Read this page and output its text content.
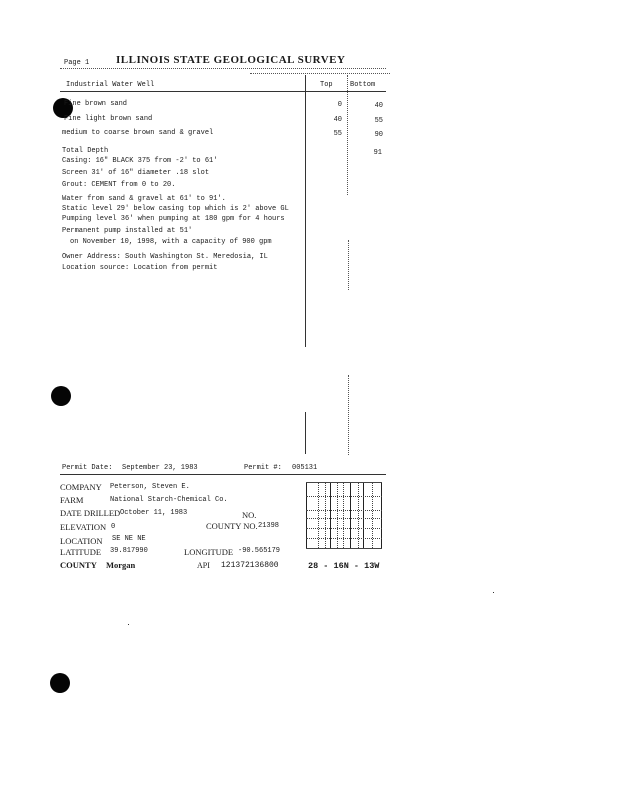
Page 1 ILLINOIS STATE GEOLOGICAL SURVEY
Industrial Water Well	Top Bottom
Fine brown sand	0	40
Fine light brown sand	40	55
medium to coarse brown sand & gravel	55	90
Total Depth	91
Casing: 16" BLACK 375 from -2' to 61'
Screen 31' of 16" diameter .18 slot
Grout: CEMENT from 0 to 20.
Water from sand & gravel at 61' to 91'.
Static level 29' below casing top which is 2' above GL
Pumping level 36' when pumping at 180 gpm for 4 hours
Permanent pump installed at 51'
on November 10, 1998, with a capacity of 900 gpm
Owner Address: South Washington St. Meredosia, IL
Location source: Location from permit
Permit Date: September 23, 1983	Permit #: 005131
COMPANY Peterson, Steven E.
FARM	National Starch-Chemical Co.
DATE DRILLED October 11, 1983	NO.
ELEVATION 0	COUNTY NO. 21398
LOCATION SE NE NE
LATITUDE 39.817990	LONGITUDE -90.565179
COUNTY Morgan	API 121372136800	28 - 16N - 13W
